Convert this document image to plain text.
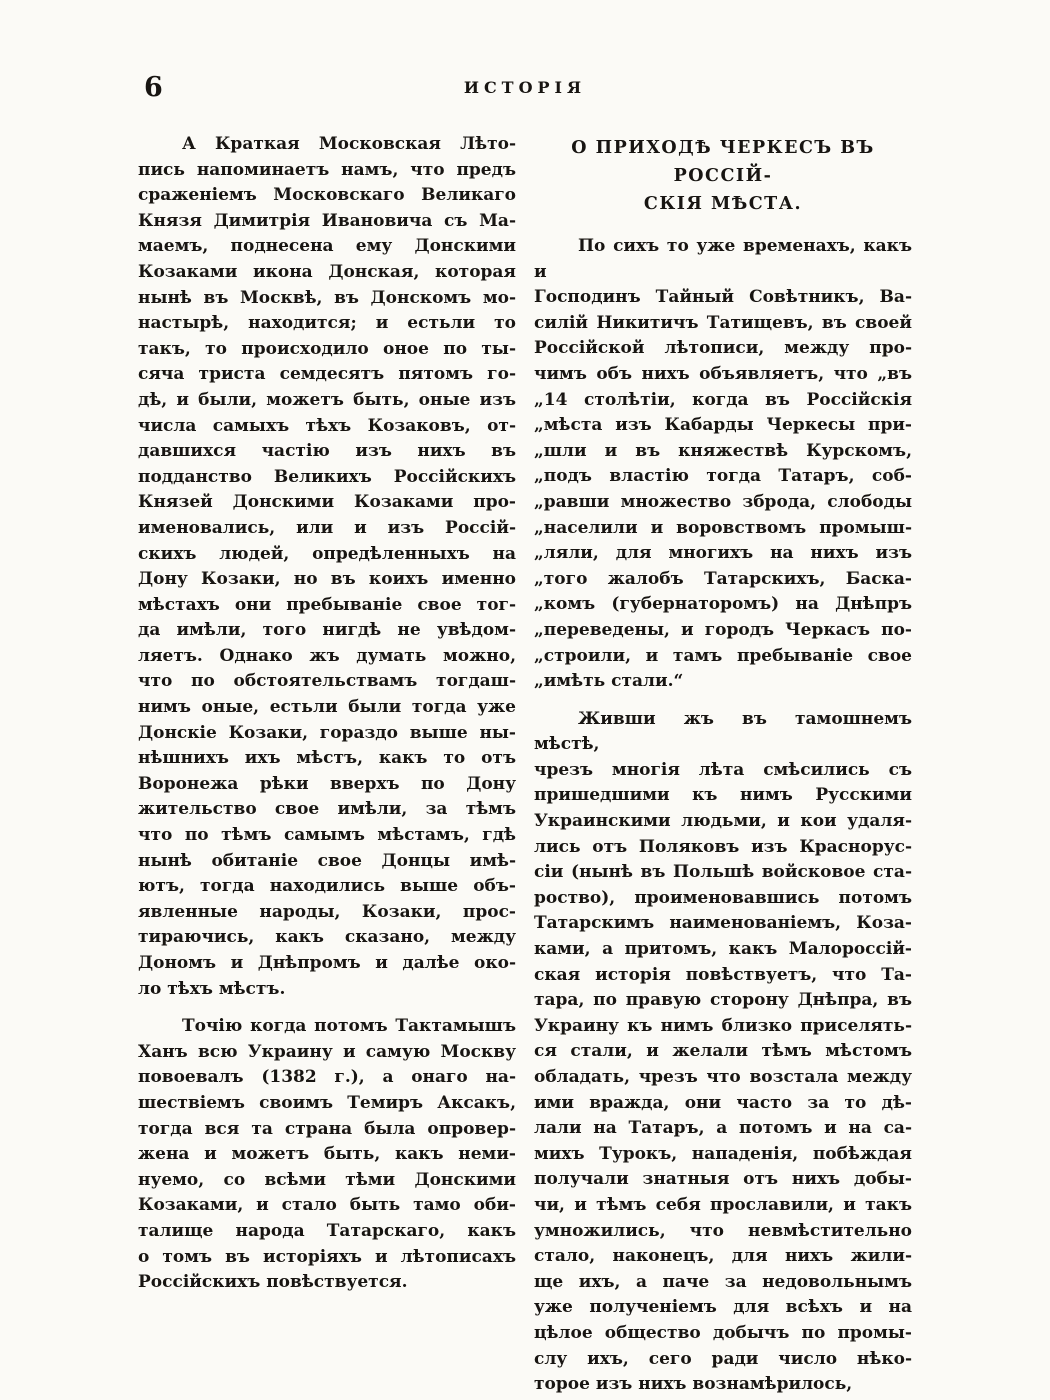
6	ИСТОРІЯ
А Краткая Московская Лѣто-
пись напоминаетъ намъ, что предъ
сраженіемъ Московскаго Великаго
Князя Димитрія Ивановича съ Ма-
маемъ, поднесена ему Донскими
Козаками икона Донская, которая
нынѣ въ Москвѣ, въ Донскомъ мо-
настырѣ, находится; и естьли то
такъ, то происходило оное по ты-
сяча триста семдесятъ пятомъ го-
дѣ, и были, можетъ быть, оные изъ
числа самыхъ тѣхъ Козаковъ, от-
давшихся частію изъ нихъ въ
подданство Великихъ Россійскихъ
Князей Донскими Козаками про-
именовались, или и изъ Россій-
скихъ людей, опредѣленныхъ на
Дону Козаки, но въ коихъ именно
мѣстахъ они пребываніе свое тог-
да имѣли, того нигдѣ не увѣдом-
ляетъ. Однако жъ думать можно,
что по обстоятельствамъ тогдаш-
нимъ оные, естьли были тогда уже
Донскіе Козаки, гораздо выше ны-
нѣшнихъ ихъ мѣстъ, какъ то отъ
Воронежа рѣки вверхъ по Дону
жительство свое имѣли, за тѣмъ
что по тѣмъ самымъ мѣстамъ, гдѣ
нынѣ обитаніе свое Донцы имѣ-
ютъ, тогда находились выше объ-
явленные народы, Козаки, прос-
тираючись, какъ сказано, между
Дономъ и Днѣпромъ и далѣе око-
ло тѣхъ мѣстъ.
Точію когда потомъ Тактамышъ
Ханъ всю Украину и самую Москву
повоевалъ (1382 г.), а онаго на-
шествіемъ своимъ Темиръ Аксакъ,
тогда вся та страна была опровер-
жена и можетъ быть, какъ неми-
нуемо, со всѣми тѣми Донскими
Козаками, и стало быть тамо оби-
талище народа Татарскаго, какъ
о томъ въ исторіяхъ и лѣтописахъ
Россійскихъ повѣствуется.
О ПРИХОДѢ ЧЕРКЕСЪ ВЪ РОССІЙ-
СКІЯ МѢСТА.
По сихъ то уже временахъ, какъ и
Господинъ Тайный Совѣтникъ, Ва-
силій Никитичъ Татищевъ, въ своей
Россійской лѣтописи, между про-
чимъ объ нихъ объявляетъ, что „въ
„14 столѣтіи, когда въ Россійскія
„мѣста изъ Кабарды Черкесы при-
„шли и въ княжествѣ Курскомъ,
„подъ властію тогда Татаръ, соб-
„равши множество зброда, слободы
„населили и воровствомъ промыш-
„ляли, для многихъ на нихъ изъ
„того жалобъ Татарскихъ, Баска-
„комъ (губернаторомъ) на Днѣпръ
„переведены, и городъ Черкасъ по-
„строили, и тамъ пребываніе свое
„имѣть стали.“
Живши жъ въ тамошнемъ мѣстѣ,
чрезъ многія лѣта смѣсились съ
пришедшими къ нимъ Русскими
Украинскими людьми, и кои удаля-
лись отъ Поляковъ изъ Краснорус-
сіи (нынѣ въ Польшѣ войсковое ста-
роство), проименовавшись потомъ
Татарскимъ наименованіемъ, Коза-
ками, а притомъ, какъ Малороссій-
ская исторія повѣствуетъ, что Та-
тара, по правую сторону Днѣпра, въ
Украину къ нимъ близко приселять-
ся стали, и желали тѣмъ мѣстомъ
обладать, чрезъ что возстала между
ими вражда, они часто за то дѣ-
лали на Татаръ, а потомъ и на са-
михъ Турокъ, нападенія, побѣждая
получали знатныя отъ нихъ добы-
чи, и тѣмъ себя прославили, и такъ
умножились, что невмѣстительно
стало, наконецъ, для нихъ жили-
ще ихъ, а паче за недовольнымъ
уже полученіемъ для всѣхъ и на
цѣлое общество добычъ по промы-
слу ихъ, сего ради число нѣко-
торое изъ нихъ вознамѣрилось,
